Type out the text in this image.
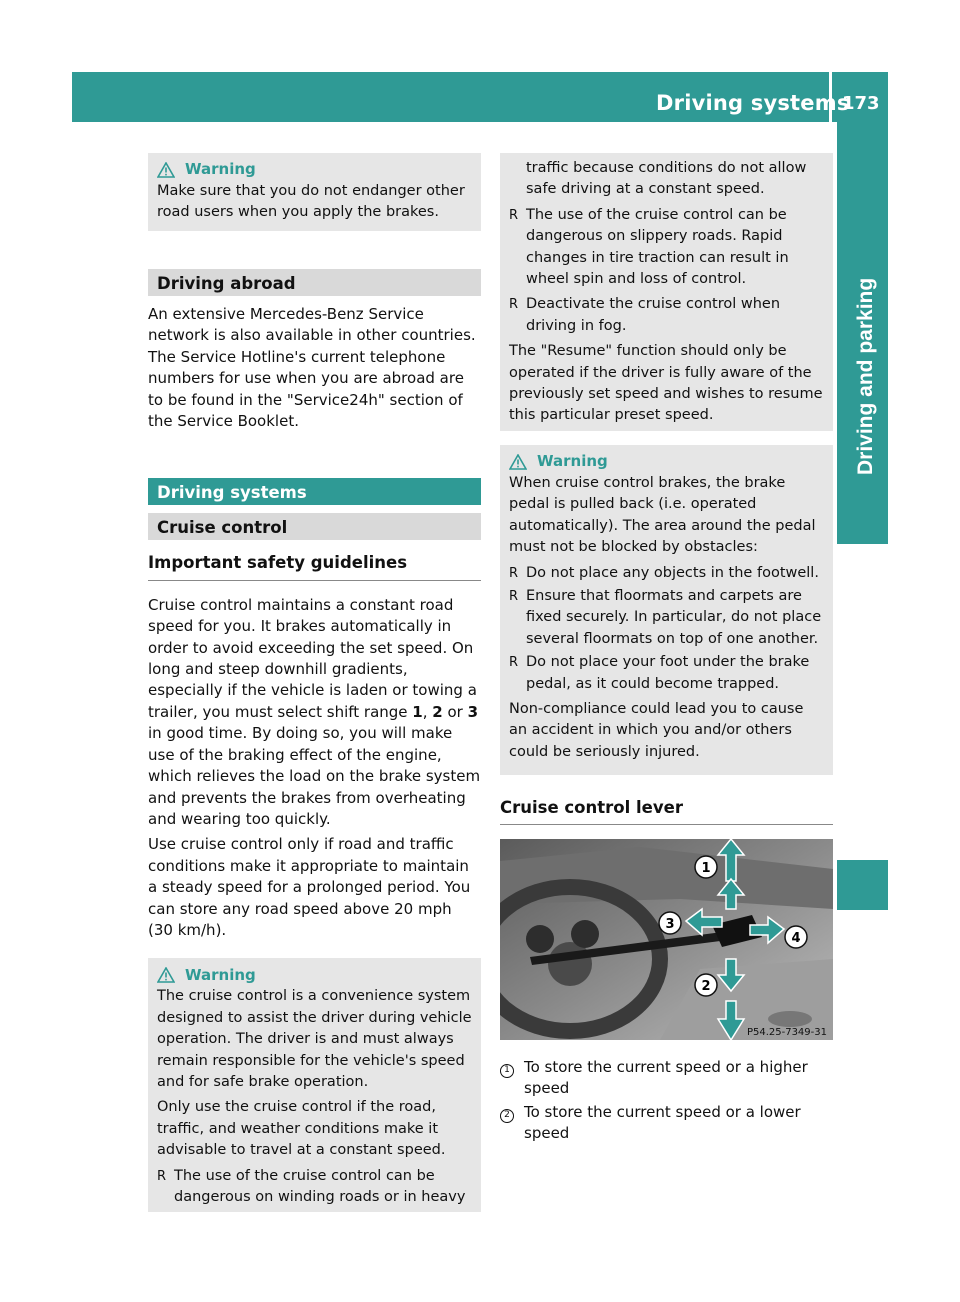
Driving systems
173
Driving and parking
Warning

Make sure that you do not endanger other road users when you apply the brakes.

Driving abroad

An extensive Mercedes-Benz Service network is also available in other countries. The Service Hotline's current telephone numbers for use when you are abroad are to be found in the "Service24h" section of the Service Booklet.

Driving systems
Cruise control
Important safety guidelines

Cruise control maintains a constant road speed for you. It brakes automatically in order to avoid exceeding the set speed. On long and steep downhill gradients, especially if the vehicle is laden or towing a trailer, you must select shift range 1, 2 or 3 in good time. By doing so, you will make use of the braking effect of the engine, which relieves the load on the brake system and prevents the brakes from overheating and wearing too quickly.

Use cruise control only if road and traffic conditions make it appropriate to maintain a steady speed for a prolonged period. You can store any road speed above 20 mph (30 km/h).

Warning

The cruise control is a convenience system designed to assist the driver during vehicle operation. The driver is and must always remain responsible for the vehicle's speed and for safe brake operation.

Only use the cruise control if the road, traffic, and weather conditions make it advisable to travel at a constant speed.

R The use of the cruise control can be dangerous on winding roads or in heavy

traffic because conditions do not allow safe driving at a constant speed.

R The use of the cruise control can be dangerous on slippery roads. Rapid changes in tire traction can result in wheel spin and loss of control.

R Deactivate the cruise control when driving in fog.

The "Resume" function should only be operated if the driver is fully aware of the previously set speed and wishes to resume this particular preset speed.

Warning

When cruise control brakes, the brake pedal is pulled back (i.e. operated automatically). The area around the pedal must not be blocked by obstacles:

R Do not place any objects in the footwell.

R Ensure that floormats and carpets are fixed securely. In particular, do not place several floormats on top of one another.

R Do not place your foot under the brake pedal, as it could become trapped.

Non-compliance could lead you to cause an accident in which you and/or others could be seriously injured.

Cruise control lever
1
3
4
2
P54.25-7349-31
1 To store the current speed or a higher speed
2 To store the current speed or a lower speed
